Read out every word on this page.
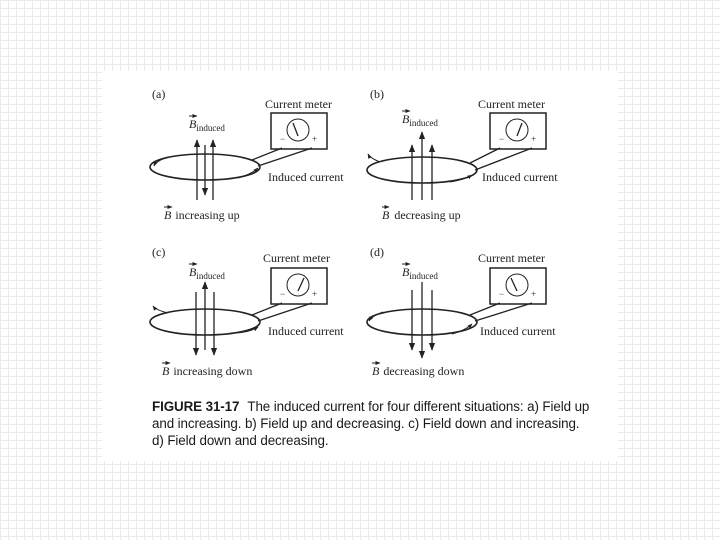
(a)
$B_{induced}$
Current meter
−	+
Induced current
B increasing up
(b)
$B_{induced}$
Current meter
−	+
Induced current
B decreasing up
(c)
$B_{induced}$
Current meter
−	+
Induced current
B increasing down
(d)
$B_{induced}$
Current meter
−	+
Induced current
B decreasing down
FIGURE 31-17 The induced current for four different situations: a) Field up and increasing. b) Field up and decreasing. c) Field down and increasing. d) Field down and decreasing.
